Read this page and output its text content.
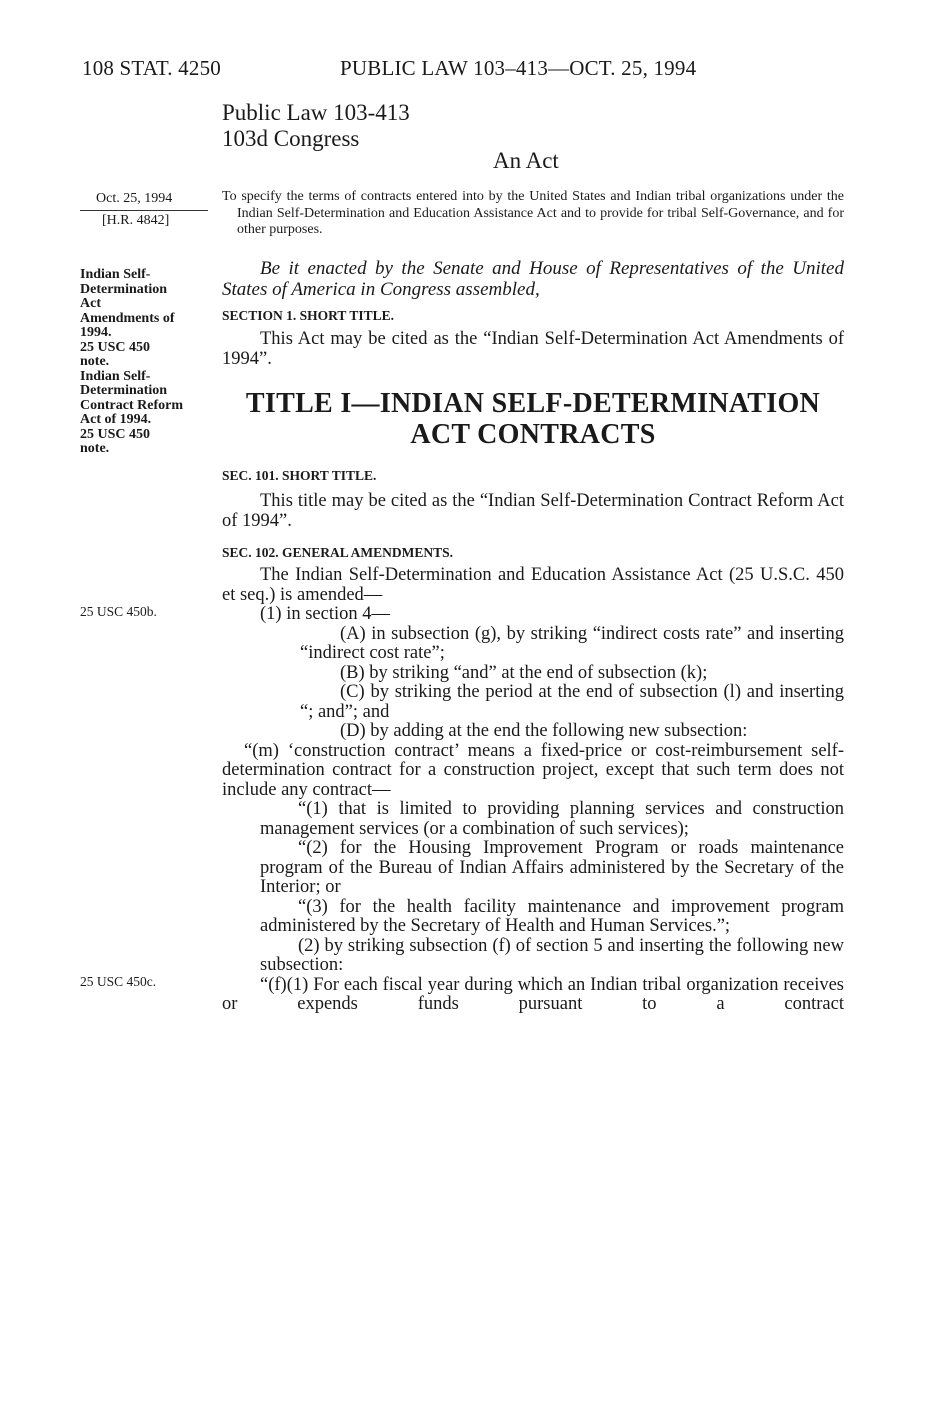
108 STAT. 4250	PUBLIC LAW 103–413—OCT. 25, 1994
Public Law 103-413
103d Congress
An Act
Oct. 25, 1994
[H.R. 4842]
Indian Self-
Determination
Act
Amendments of
1994.
25 USC 450
note.
Indian Self-
Determination
Contract Reform
Act of 1994.
25 USC 450
note.
25 USC 450b.
25 USC 450c.
To specify the terms of contracts entered into by the United States and Indian tribal organizations under the Indian Self-Determination and Education Assistance Act and to provide for tribal Self-Governance, and for other purposes.
Be it enacted by the Senate and House of Representatives of the United States of America in Congress assembled,
SECTION 1. SHORT TITLE.
This Act may be cited as the “Indian Self-Determination Act Amendments of 1994”.
TITLE I—INDIAN SELF-DETERMINATION
ACT CONTRACTS
SEC. 101. SHORT TITLE.
This title may be cited as the “Indian Self-Determination Contract Reform Act of 1994”.
SEC. 102. GENERAL AMENDMENTS.

The Indian Self-Determination and Education Assistance Act (25 U.S.C. 450 et seq.) is amended—

(1) in section 4—

(A) in subsection (g), by striking “indirect costs rate” and inserting “indirect cost rate”;

(B) by striking “and” at the end of subsection (k);

(C) by striking the period at the end of subsection (l) and inserting “; and”; and

(D) by adding at the end the following new subsection:

“(m) ‘construction contract’ means a fixed-price or cost-reimbursement self-determination contract for a construction project, except that such term does not include any contract—

“(1) that is limited to providing planning services and construction management services (or a combination of such services);

“(2) for the Housing Improvement Program or roads maintenance program of the Bureau of Indian Affairs administered by the Secretary of the Interior; or

“(3) for the health facility maintenance and improvement program administered by the Secretary of Health and Human Services.”;

(2) by striking subsection (f) of section 5 and inserting the following new subsection:

“(f)(1) For each fiscal year during which an Indian tribal organization receives or expends funds pursuant to a contract
